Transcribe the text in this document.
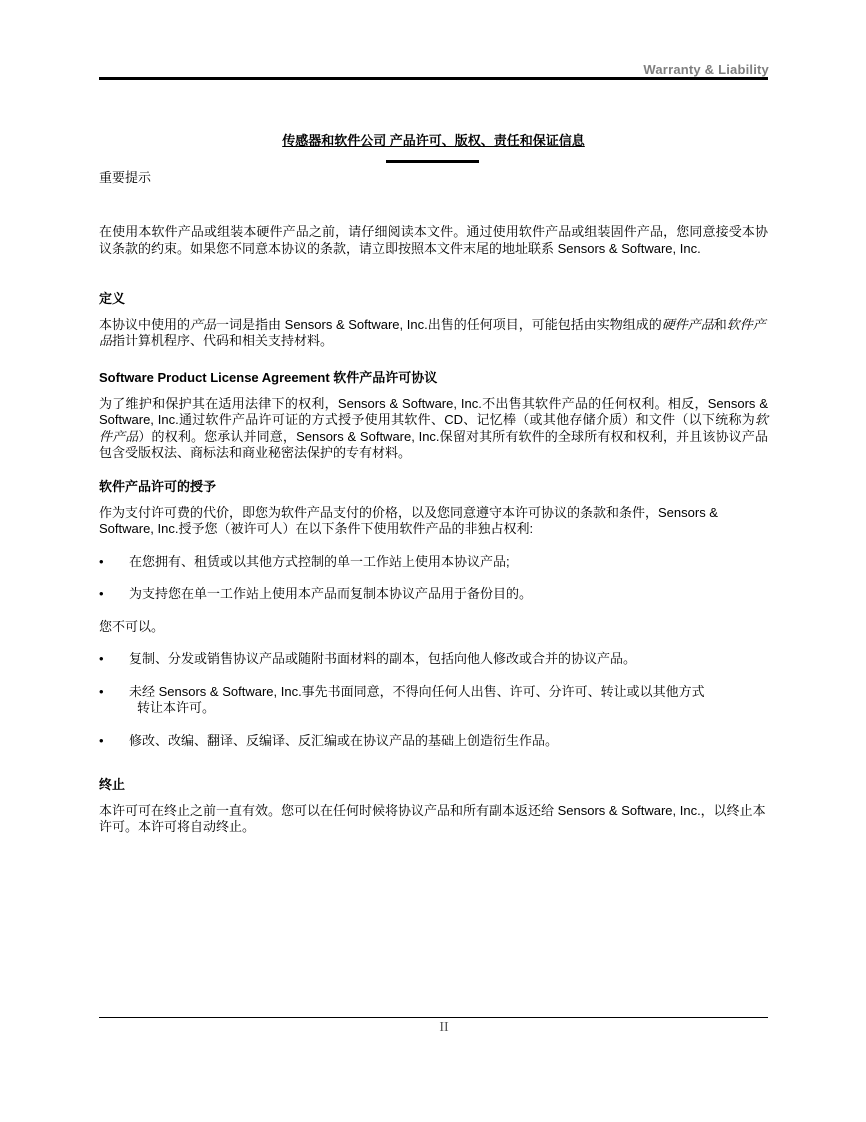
Warranty & Liability
传感器和软件公司 产品许可、版权、责任和保证信息
重要提示
在使用本软件产品或组装本硬件产品之前，请仔细阅读本文件。通过使用软件产品或组装固件产品，您同意接受本协议条款的约束。如果您不同意本协议的条款，请立即按照本文件末尾的地址联系 Sensors & Software, Inc.
定义

本协议中使用的产品一词是指由 Sensors & Software, Inc.出售的任何项目，可能包括由实物组成的硬件产品和软件产品指计算机程序、代码和相关支持材料。

Software Product License Agreement 软件产品许可协议

为了维护和保护其在适用法律下的权利，Sensors & Software, Inc.不出售其软件产品的任何权利。相反，Sensors & Software, Inc.通过软件产品许可证的方式授予使用其软件、CD、记忆棒（或其他存储介质）和文件（以下统称为软件产品）的权利。您承认并同意，Sensors & Software, Inc.保留对其所有软件的全球所有权和权利，并且该协议产品包含受版权法、商标法和商业秘密法保护的专有材料。

软件产品许可的授予

作为支付许可费的代价，即您为软件产品支付的价格，以及您同意遵守本许可协议的条款和条件，Sensors & Software, Inc.授予您（被许可人）在以下条件下使用软件产品的非独占权利:

• 在您拥有、租赁或以其他方式控制的单一工作站上使用本协议产品;
• 为支持您在单一工作站上使用本产品而复制本协议产品用于备份目的。

您不可以。

• 复制、分发或销售协议产品或随附书面材料的副本，包括向他人修改或合并的协议产品。
• 未经 Sensors & Software, Inc.事先书面同意，不得向任何人出售、许可、分许可、转让或以其他方式
转让本许可。
• 修改、改编、翻译、反编译、反汇编或在协议产品的基础上创造衍生作品。
终止

本许可可在终止之前一直有效。您可以在任何时候将协议产品和所有副本返还给 Sensors & Software, Inc.，以终止本许可。本许可将自动终止。

II
